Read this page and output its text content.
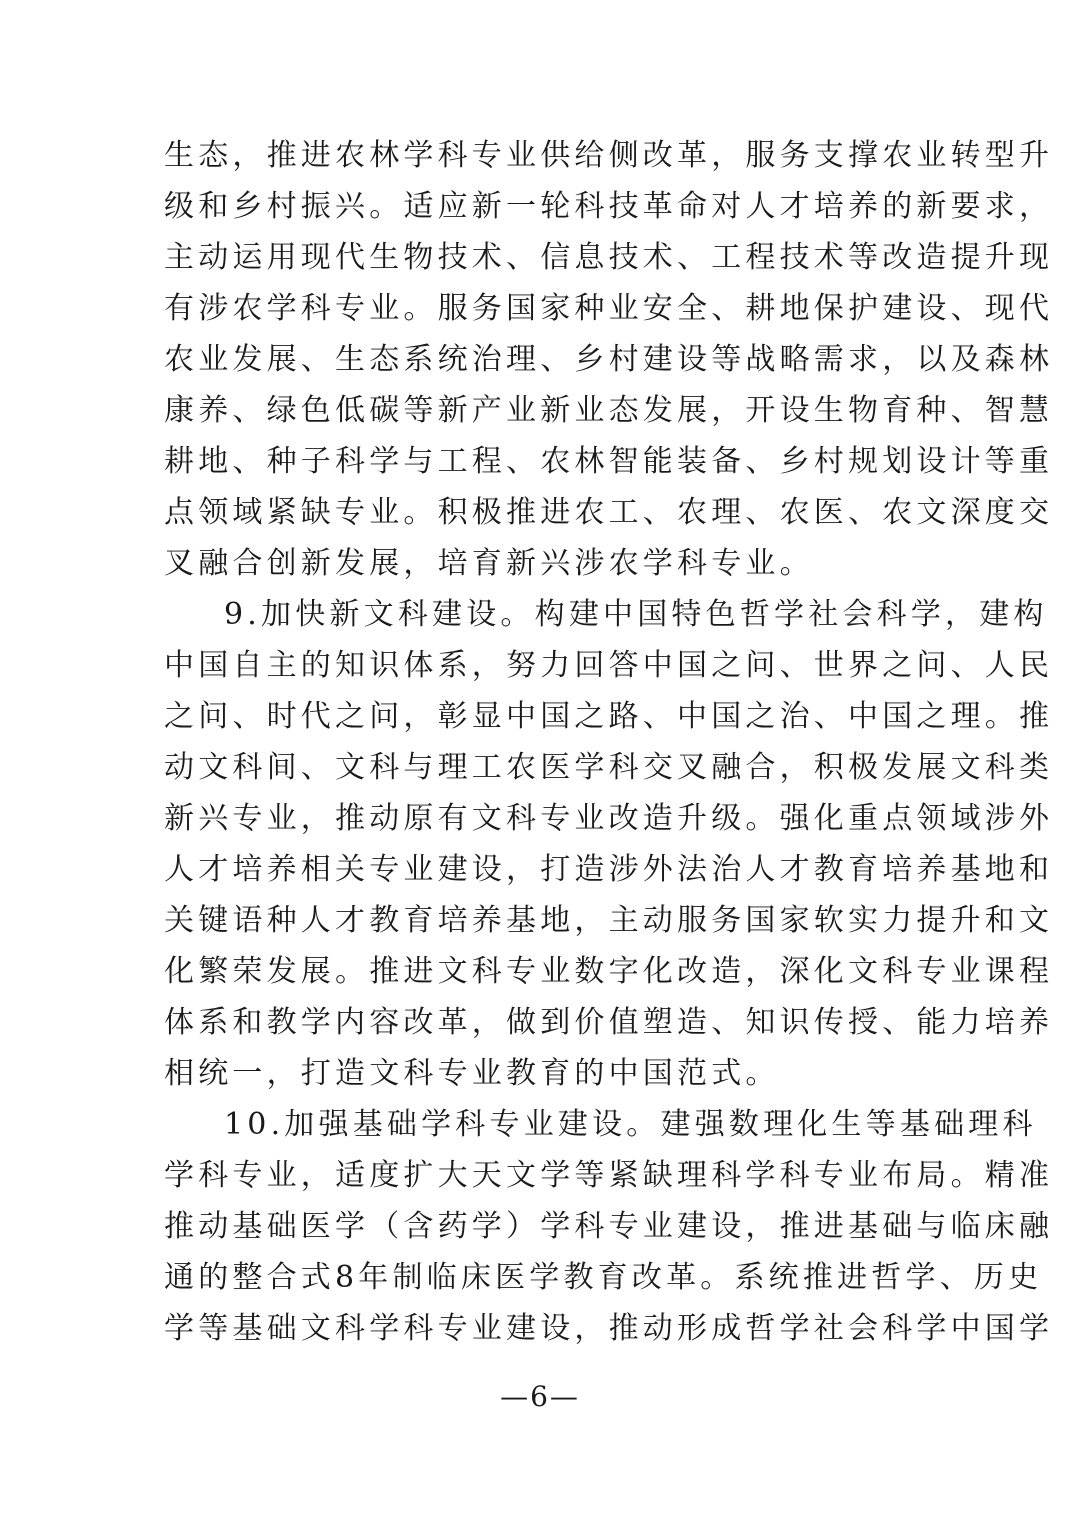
生态，推进农林学科专业供给侧改革，服务支撑农业转型升
级和乡村振兴。适应新一轮科技革命对人才培养的新要求，
主动运用现代生物技术、信息技术、工程技术等改造提升现
有涉农学科专业。服务国家种业安全、耕地保护建设、现代
农业发展、生态系统治理、乡村建设等战略需求，以及森林
康养、绿色低碳等新产业新业态发展，开设生物育种、智慧
耕地、种子科学与工程、农林智能装备、乡村规划设计等重
点领域紧缺专业。积极推进农工、农理、农医、农文深度交
叉融合创新发展，培育新兴涉农学科专业。
9.加快新文科建设。构建中国特色哲学社会科学，建构
中国自主的知识体系，努力回答中国之问、世界之问、人民
之问、时代之问，彰显中国之路、中国之治、中国之理。推
动文科间、文科与理工农医学科交叉融合，积极发展文科类
新兴专业，推动原有文科专业改造升级。强化重点领域涉外
人才培养相关专业建设，打造涉外法治人才教育培养基地和
关键语种人才教育培养基地，主动服务国家软实力提升和文
化繁荣发展。推进文科专业数字化改造，深化文科专业课程
体系和教学内容改革，做到价值塑造、知识传授、能力培养
相统一，打造文科专业教育的中国范式。
10.加强基础学科专业建设。建强数理化生等基础理科
学科专业，适度扩大天文学等紧缺理科学科专业布局。精准
推动基础医学（含药学）学科专业建设，推进基础与临床融
通的整合式8年制临床医学教育改革。系统推进哲学、历史
学等基础文科学科专业建设，推动形成哲学社会科学中国学
—6—
